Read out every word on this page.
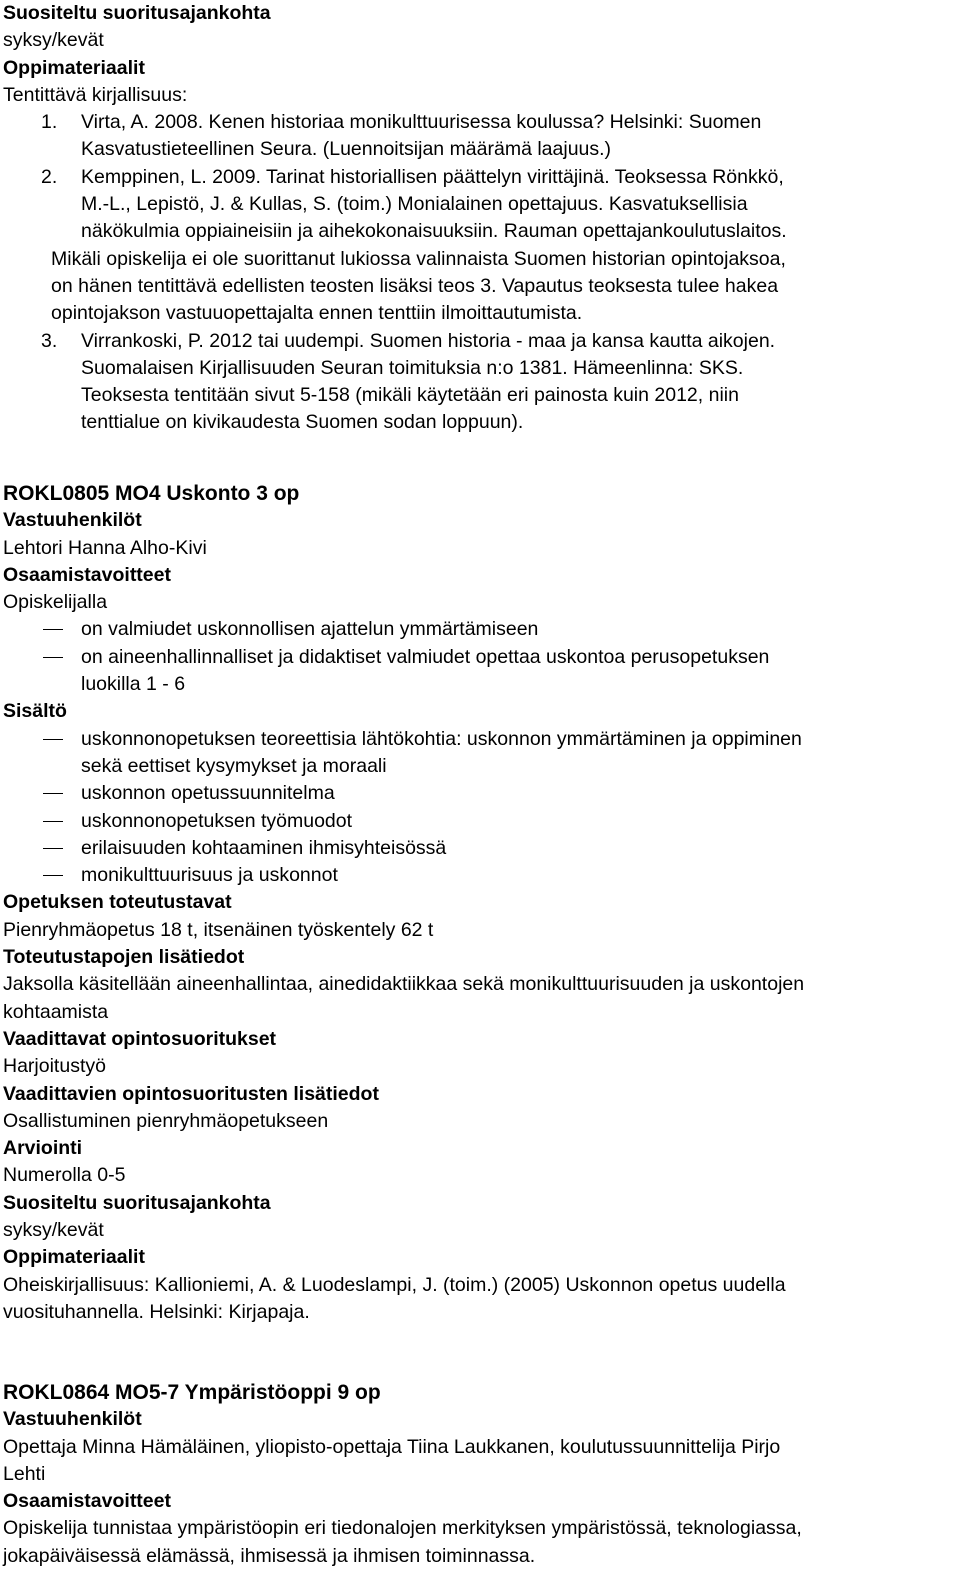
Suositeltu suoritusajankohta
syksy/kevät
Oppimateriaalit
Tentittävä kirjallisuus:
1. Virta, A. 2008. Kenen historiaa monikulttuurisessa koulussa? Helsinki: Suomen
Kasvatustieteellinen Seura. (Luennoitsijan määrämä laajuus.)
2. Kemppinen, L. 2009. Tarinat historiallisen päättelyn virittäjinä. Teoksessa Rönkkö,
M.-L., Lepistö, J. & Kullas, S. (toim.) Monialainen opettajuus. Kasvatuksellisia
näkökulmia oppiaineisiin ja aihekokonaisuuksiin. Rauman opettajankoulutuslaitos.
Mikäli opiskelija ei ole suorittanut lukiossa valinnaista Suomen historian opintojaksoa,
on hänen tentittävä edellisten teosten lisäksi teos 3. Vapautus teoksesta tulee hakea
opintojakson vastuuopettajalta ennen tenttiin ilmoittautumista.
3. Virrankoski, P. 2012 tai uudempi. Suomen historia - maa ja kansa kautta aikojen.
Suomalaisen Kirjallisuuden Seuran toimituksia n:o 1381. Hämeenlinna: SKS.
Teoksesta tentitään sivut 5-158 (mikäli käytetään eri painosta kuin 2012, niin
tenttialue on kivikaudesta Suomen sodan loppuun).
ROKL0805 MO4 Uskonto 3 op
Vastuuhenkilöt
Lehtori Hanna Alho-Kivi
Osaamistavoitteet
Opiskelijalla
on valmiudet uskonnollisen ajattelun ymmärtämiseen
on aineenhallinnalliset ja didaktiset valmiudet opettaa uskontoa perusopetuksen
luokilla 1 - 6
Sisältö
uskonnonopetuksen teoreettisia lähtökohtia: uskonnon ymmärtäminen ja oppiminen
sekä eettiset kysymykset ja moraali
uskonnon opetussuunnitelma
uskonnonopetuksen työmuodot
erilaisuuden kohtaaminen ihmisyhteisössä
monikulttuurisuus ja uskonnot
Opetuksen toteutustavat
Pienryhmäopetus 18 t, itsenäinen työskentely 62 t
Toteutustapojen lisätiedot
Jaksolla käsitellään aineenhallintaa, ainedidaktiikkaa sekä monikulttuurisuuden ja uskontojen
kohtaamista
Vaadittavat opintosuoritukset
Harjoitustyö
Vaadittavien opintosuoritusten lisätiedot
Osallistuminen pienryhmäopetukseen
Arviointi
Numerolla 0-5
Suositeltu suoritusajankohta
syksy/kevät
Oppimateriaalit
Oheiskirjallisuus: Kallioniemi, A. & Luodeslampi, J. (toim.) (2005) Uskonnon opetus uudella
vuosituhannella. Helsinki: Kirjapaja.
ROKL0864 MO5-7 Ympäristöoppi 9 op
Vastuuhenkilöt
Opettaja Minna Hämäläinen, yliopisto-opettaja Tiina Laukkanen, koulutussuunnittelija Pirjo
Lehti
Osaamistavoitteet
Opiskelija tunnistaa ympäristöopin eri tiedonalojen merkityksen ympäristössä, teknologiassa,
jokapäiväisessä elämässä, ihmisessä ja ihmisen toiminnassa.
